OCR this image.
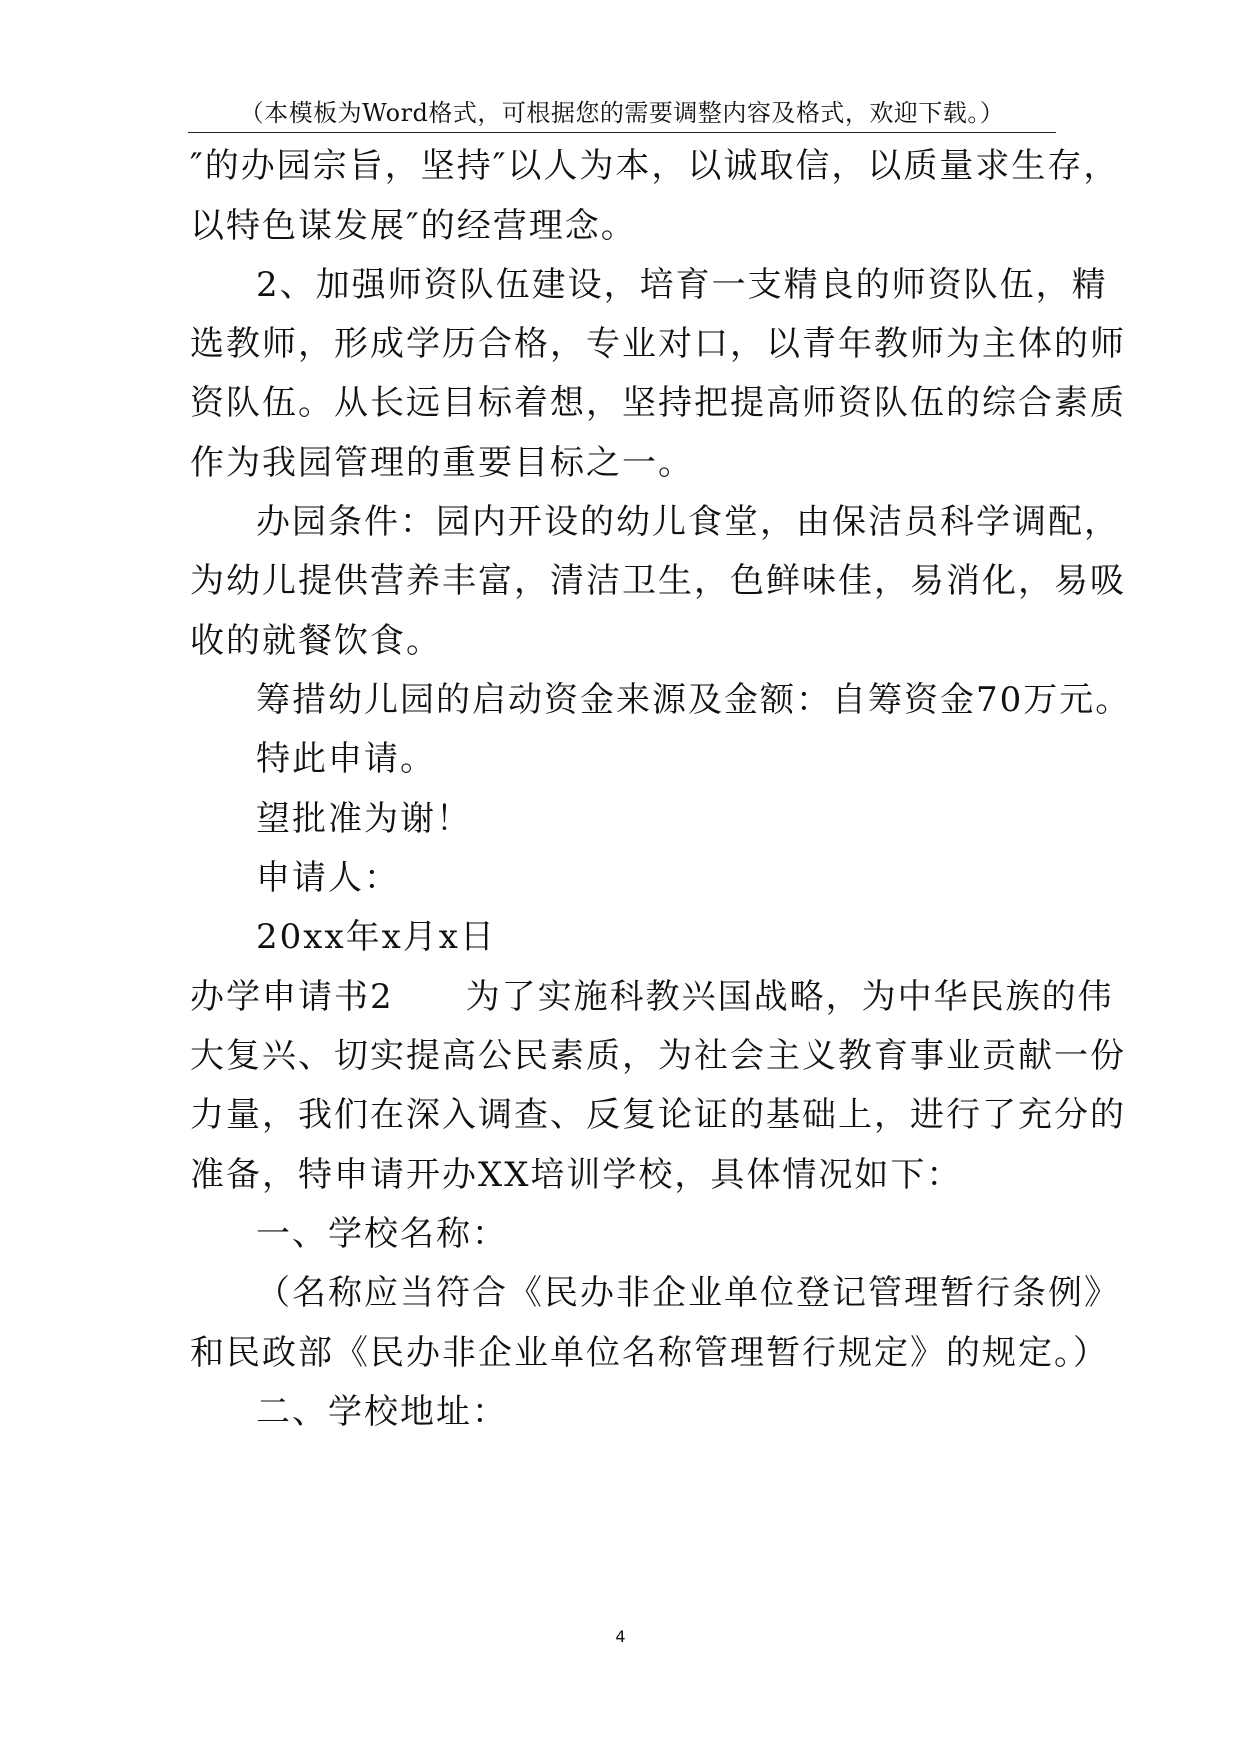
（本模板为Word格式，可根据您的需要调整内容及格式，欢迎下载。）
″的办园宗旨，坚持″以人为本，以诚取信，以质量求生存，
以特色谋发展″的经营理念。
2、加强师资队伍建设，培育一支精良的师资队伍，精
选教师，形成学历合格，专业对口，以青年教师为主体的师
资队伍。从长远目标着想，坚持把提高师资队伍的综合素质
作为我园管理的重要目标之一。
办园条件：园内开设的幼儿食堂，由保洁员科学调配，
为幼儿提供营养丰富，清洁卫生，色鲜味佳，易消化，易吸
收的就餐饮食。
筹措幼儿园的启动资金来源及金额：自筹资金70万元。
特此申请。
望批准为谢！
申请人：
20xx年x月x日
办学申请书2 为了实施科教兴国战略，为中华民族的伟
大复兴、切实提高公民素质，为社会主义教育事业贡献一份
力量，我们在深入调查、反复论证的基础上，进行了充分的
准备，特申请开办XX培训学校，具体情况如下：
一、学校名称：
（名称应当符合《民办非企业单位登记管理暂行条例》
和民政部《民办非企业单位名称管理暂行规定》的规定。）
二、学校地址：
4
